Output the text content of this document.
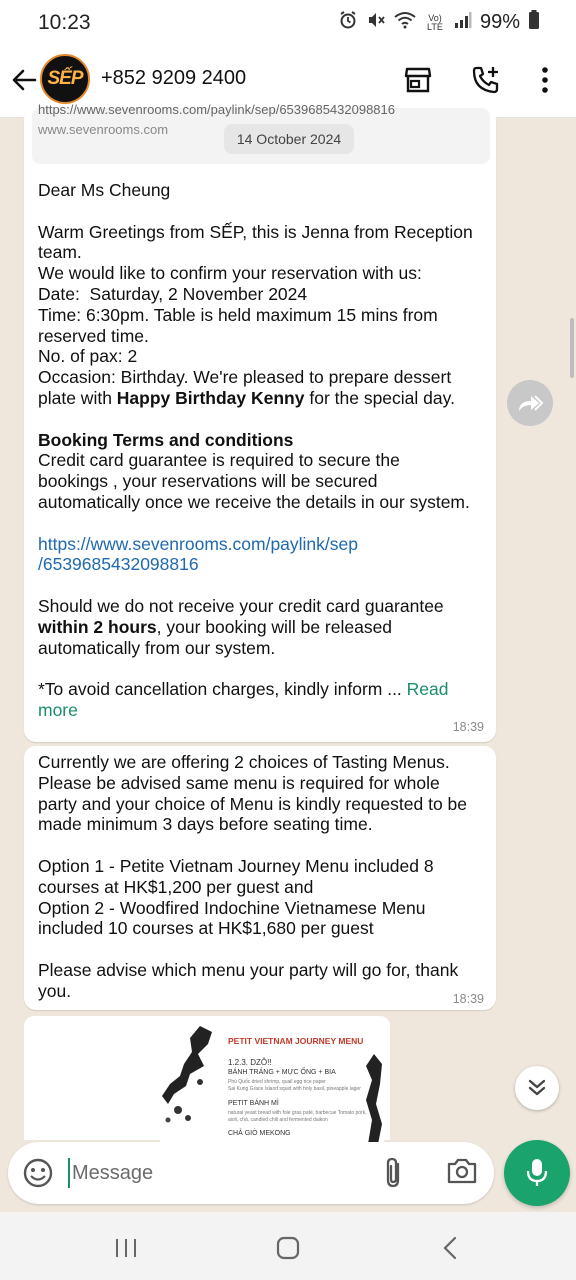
10:23	Vo) LTE 99%
SẾP +852 9209 2400
14 October 2024
https://www.sevenrooms.com/paylink/sep/6539685432098816
www.sevenrooms.com
Dear Ms Cheung
Warm Greetings from SẾP, this is Jenna from Reception
team.
We would like to confirm your reservation with us:
Date:  Saturday, 2 November 2024
Time: 6:30pm. Table is held maximum 15 mins from
reserved time.
No. of pax: 2
Occasion: Birthday. We're pleased to prepare dessert
plate with Happy Birthday Kenny for the special day.
Booking Terms and conditions
Credit card guarantee is required to secure the
bookings , your reservations will be secured
automatically once we receive the details in our system.
https://www.sevenrooms.com/paylink/sep
/6539685432098816
Should we do not receive your credit card guarantee
within 2 hours, your booking will be released
automatically from our system.
*To avoid cancellation charges, kindly inform ... Read
more
18:39
Currently we are offering 2 choices of Tasting Menus.
Please be advised same menu is required for whole
party and your choice of Menu is kindly requested to be
made minimum 3 days before seating time.
Option 1 - Petite Vietnam Journey Menu included 8
courses at HK$1,200 per guest and
Option 2 - Woodfired Indochine Vietnamese Menu
included 10 courses at HK$1,680 per guest
Please advise which menu your party will go for, thank
you.	18:39
PETIT VIETNAM JOURNEY MENU
1.2.3. DZÔ!!
BÁNH TRÁNG + MỰC ỐNG + BIA
Phú Quốc dried shrimp, quail egg rice paper
Sai Kung Grace Island squid with holy basil, pineapple lager
PETIT BÁNH MÌ
natural yeast bread with foie gras paté, barbecue Tomato pork,
aioli, chả, candied chili and fermented daikon
CHẢ GIÒ MEKONG
Message
